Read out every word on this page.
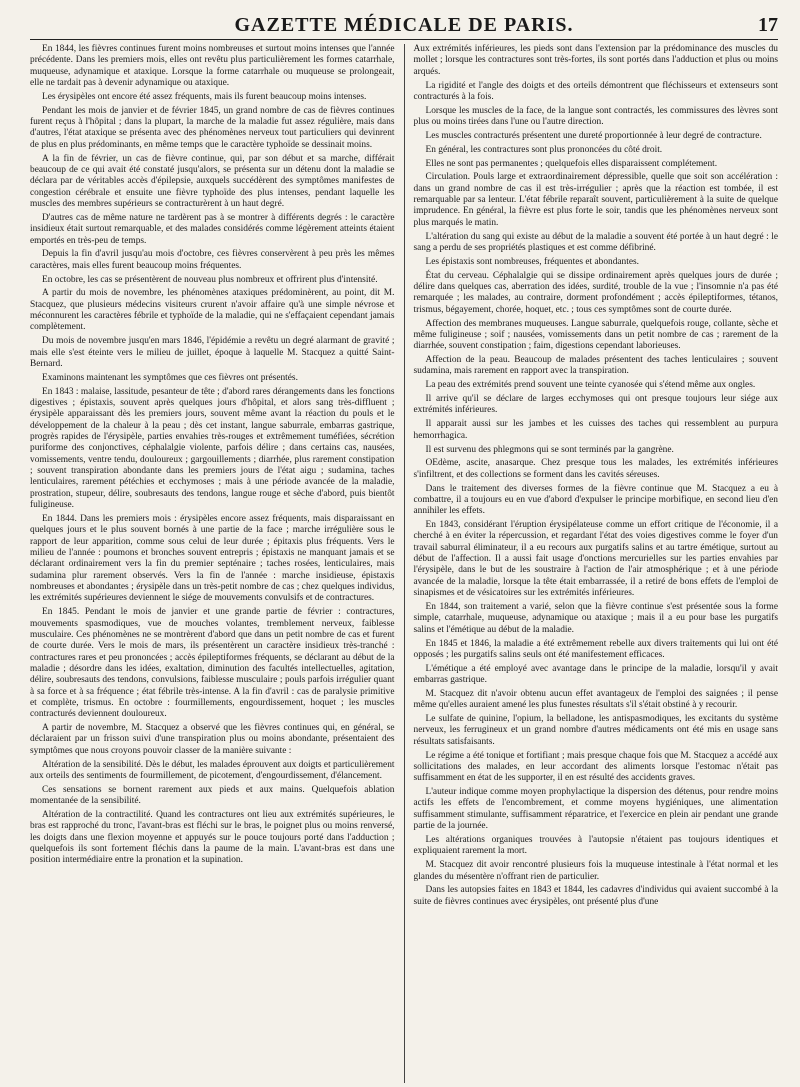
GAZETTE MÉDICALE DE PARIS.	17

En 1844, les fièvres continues furent moins nombreuses et surtout moins intenses que l'année précédente. Dans les premiers mois, elles ont revêtu plus particulièrement les formes catarrhale, muqueuse, adynamique et ataxique. Lorsque la forme catarrhale ou muqueuse se prolongeait, elle ne tardait pas à devenir adynamique ou ataxique.

Les érysipèles ont encore été assez fréquents, mais ils furent beaucoup moins intenses.

Pendant les mois de janvier et de février 1845, un grand nombre de cas de fièvres continues furent reçus à l'hôpital ; dans la plupart, la marche de la maladie fut assez régulière, mais dans d'autres, l'état ataxique se présenta avec des phénomènes nerveux tout particuliers qui devinrent de plus en plus prédominants, en même temps que le caractère typhoïde se dessinait moins.

A la fin de février, un cas de fièvre continue, qui, par son début et sa marche, différait beaucoup de ce qui avait été constaté jusqu'alors, se présenta sur un détenu dont la maladie se déclara par de véritables accès d'épilepsie, auxquels succédèrent des symptômes manifestes de congestion cérébrale et ensuite une fièvre typhoïde des plus intenses, pendant laquelle les muscles des membres supérieurs se contracturèrent à un haut degré.

D'autres cas de même nature ne tardèrent pas à se montrer à différents degrés : le caractère insidieux était surtout remarquable, et des malades considérés comme légèrement atteints étaient emportés en très-peu de temps.

Depuis la fin d'avril jusqu'au mois d'octobre, ces fièvres conservèrent à peu près les mêmes caractères, mais elles furent beaucoup moins fréquentes.

En octobre, les cas se présentèrent de nouveau plus nombreux et offrirent plus d'intensité.

A partir du mois de novembre, les phénomènes ataxiques prédominèrent, au point, dit M. Stacquez, que plusieurs médecins visiteurs crurent n'avoir affaire qu'à une simple névrose et méconnurent les caractères fébrile et typhoïde de la maladie, qui ne s'effaçaient cependant jamais complètement.

Du mois de novembre jusqu'en mars 1846, l'épidémie a revêtu un degré alarmant de gravité ; mais elle s'est éteinte vers le milieu de juillet, époque à laquelle M. Stacquez a quitté Saint-Bernard.

Examinons maintenant les symptômes que ces fièvres ont présentés.

En 1843 : malaise, lassitude, pesanteur de tête ; d'abord rares dérangements dans les fonctions digestives ; épistaxis, souvent après quelques jours d'hôpital, et alors sang très-diffluent ; érysipèle apparaissant dès les premiers jours, souvent même avant la réaction du pouls et le développement de la chaleur à la peau ; dès cet instant, langue saburrale, embarras gastrique, progrès rapides de l'érysipèle, parties envahies très-rouges et extrêmement tuméfiées, sécrétion puriforme des conjonctives, céphalalgie violente, parfois délire ; dans certains cas, nausées, vomissements, ventre tendu, douloureux ; gargouillements ; diarrhée, plus rarement constipation ; souvent transpiration abondante dans les premiers jours de l'état aigu ; sudamina, taches lenticulaires, rarement pétéchies et ecchymoses ; mais à une période avancée de la maladie, prostration, stupeur, délire, soubresauts des tendons, langue rouge et sèche d'abord, puis bientôt fuligineuse.

En 1844. Dans les premiers mois : érysipèles encore assez fréquents, mais disparaissant en quelques jours et le plus souvent bornés à une partie de la face ; marche irrégulière sous le rapport de leur apparition, comme sous celui de leur durée ; épitaxis plus fréquents. Vers le milieu de l'année : poumons et bronches souvent entrepris ; épistaxis ne manquant jamais et se déclarant ordinairement vers la fin du premier septénaire ; taches rosées, lenticulaires, mais sudamina plur rarement observés. Vers la fin de l'année : marche insidieuse, épistaxis nombreuses et abondantes ; érysipèle dans un très-petit nombre de cas ; chez quelques individus, les extrémités supérieures deviennent le siége de mouvements convulsifs et de contractures.

En 1845. Pendant le mois de janvier et une grande partie de février : contractures, mouvements spasmodiques, vue de mouches volantes, tremblement nerveux, faiblesse musculaire. Ces phénomènes ne se montrèrent d'abord que dans un petit nombre de cas et furent de courte durée. Vers le mois de mars, ils présentèrent un caractère insidieux très-tranché : contractures rares et peu prononcées ; accès épileptiformes fréquents, se déclarant au début de la maladie ; désordre dans les idées, exaltation, diminution des facultés intellectuelles, agitation, délire, soubresauts des tendons, convulsions, faiblesse musculaire ; pouls parfois irrégulier quant à sa force et à sa fréquence ; état fébrile très-intense. A la fin d'avril : cas de paralysie primitive et complète, trismus. En octobre : fourmillements, engourdissement, hoquet ; les muscles contracturés deviennent douloureux.

A partir de novembre, M. Stacquez a observé que les fièvres continues qui, en général, se déclaraient par un frisson suivi d'une transpiration plus ou moins abondante, présentaient des symptômes que nous croyons pouvoir classer de la manière suivante :

Altération de la sensibilité. Dès le début, les malades éprouvent aux doigts et particulièrement aux orteils des sentiments de fourmillement, de picotement, d'engourdissement, d'élancement.

Ces sensations se bornent rarement aux pieds et aux mains. Quelquefois ablation momentanée de la sensibilité.

Altération de la contractilité. Quand les contractures ont lieu aux extrémités supérieures, le bras est rapproché du tronc, l'avant-bras est fléchi sur le bras, le poignet plus ou moins renversé, les doigts dans une flexion moyenne et appuyés sur le pouce toujours porté dans l'adduction ; quelquefois ils sont fortement fléchis dans la paume de la main. L'avant-bras est dans une position intermédiaire entre la pronation et la supination.

Aux extrémités inférieures, les pieds sont dans l'extension par la prédominance des muscles du mollet ; lorsque les contractures sont très-fortes, ils sont portés dans l'adduction et plus ou moins arqués.

La rigidité et l'angle des doigts et des orteils démontrent que fléchisseurs et extenseurs sont contracturés à la fois.

Lorsque les muscles de la face, de la langue sont contractés, les commissures des lèvres sont plus ou moins tirées dans l'une ou l'autre direction.

Les muscles contracturés présentent une dureté proportionnée à leur degré de contracture.

En général, les contractures sont plus prononcées du côté droit.

Elles ne sont pas permanentes ; quelquefois elles disparaissent complétement.

Circulation. Pouls large et extraordinairement dépressible, quelle que soit son accélération : dans un grand nombre de cas il est très-irrégulier ; après que la réaction est tombée, il est remarquable par sa lenteur. L'état fébrile reparaît souvent, particulièrement à la suite de quelque imprudence. En général, la fièvre est plus forte le soir, tandis que les phénomènes nerveux sont plus marqués le matin.

L'altération du sang qui existe au début de la maladie a souvent été portée à un haut degré : le sang a perdu de ses propriétés plastiques et est comme défibriné.

Les épistaxis sont nombreuses, fréquentes et abondantes.

État du cerveau. Céphalalgie qui se dissipe ordinairement après quelques jours de durée ; délire dans quelques cas, aberration des idées, surdité, trouble de la vue ; l'insomnie n'a pas été remarquée ; les malades, au contraire, dorment profondément ; accès épileptiformes, tétanos, trismus, bégayement, chorée, hoquet, etc. ; tous ces symptômes sont de courte durée.

Affection des membranes muqueuses. Langue saburrale, quelquefois rouge, collante, sèche et même fuligineuse ; soif ; nausées, vomissements dans un petit nombre de cas ; rarement de la diarrhée, souvent constipation ; faim, digestions cependant laborieuses.

Affection de la peau. Beaucoup de malades présentent des taches lenticulaires ; souvent sudamina, mais rarement en rapport avec la transpiration.

La peau des extrémités prend souvent une teinte cyanosée qui s'étend même aux ongles.

Il arrive qu'il se déclare de larges ecchymoses qui ont presque toujours leur siége aux extrémités inférieures.

Il apparait aussi sur les jambes et les cuisses des taches qui ressemblent au purpura hemorrhagica.

Il est survenu des phlegmons qui se sont terminés par la gangrène.

OEdème, ascite, anasarque. Chez presque tous les malades, les extrémités inférieures s'infiltrent, et des collections se forment dans les cavités séreuses.

Dans le traitement des diverses formes de la fièvre continue que M. Stacquez a eu à combattre, il a toujours eu en vue d'abord d'expulser le principe morbifique, en second lieu d'en annihiler les effets.

En 1843, considérant l'éruption érysipélateuse comme un effort critique de l'économie, il a cherché à en éviter la répercussion, et regardant l'état des voies digestives comme le foyer d'un travail saburral éliminateur, il a eu recours aux purgatifs salins et au tartre émétique, surtout au début de l'affection. Il a aussi fait usage d'onctions mercurielles sur les parties envahies par l'érysipèle, dans le but de les soustraire à l'action de l'air atmosphérique ; et à une période avancée de la maladie, lorsque la tête était embarrassée, il a retiré de bons effets de l'emploi de sinapismes et de vésicatoires sur les extrémités inférieures.

En 1844, son traitement a varié, selon que la fièvre continue s'est présentée sous la forme simple, catarrhale, muqueuse, adynamique ou ataxique ; mais il a eu pour base les purgatifs salins et l'émétique au début de la maladie.

En 1845 et 1846, la maladie a été extrêmement rebelle aux divers traitements qui lui ont été opposés ; les purgatifs salins seuls ont été manifestement efficaces.

L'émétique a été employé avec avantage dans le principe de la maladie, lorsqu'il y avait embarras gastrique.

M. Stacquez dit n'avoir obtenu aucun effet avantageux de l'emploi des saignées ; il pense même qu'elles auraient amené les plus funestes résultats s'il s'était obstiné à y recourir.

Le sulfate de quinine, l'opium, la belladone, les antispasmodiques, les excitants du système nerveux, les ferrugineux et un grand nombre d'autres médicaments ont été mis en usage sans résultats satisfaisants.

Le régime a été tonique et fortifiant ; mais presque chaque fois que M. Stacquez a accédé aux sollicitations des malades, en leur accordant des aliments lorsque l'estomac n'était pas suffisamment en état de les supporter, il en est résulté des accidents graves.

L'auteur indique comme moyen prophylactique la dispersion des détenus, pour rendre moins actifs les effets de l'encombrement, et comme moyens hygiéniques, une alimentation suffisamment stimulante, suffisamment réparatrice, et l'exercice en plein air pendant une grande partie de la journée.

Les altérations organiques trouvées à l'autopsie n'étaient pas toujours identiques et expliquaient rarement la mort.

M. Stacquez dit avoir rencontré plusieurs fois la muqueuse intestinale à l'état normal et les glandes du mésentère n'offrant rien de particulier.

Dans les autopsies faites en 1843 et 1844, les cadavres d'individus qui avaient succombé à la suite de fièvres continues avec érysipèles, ont présenté plus d'une
